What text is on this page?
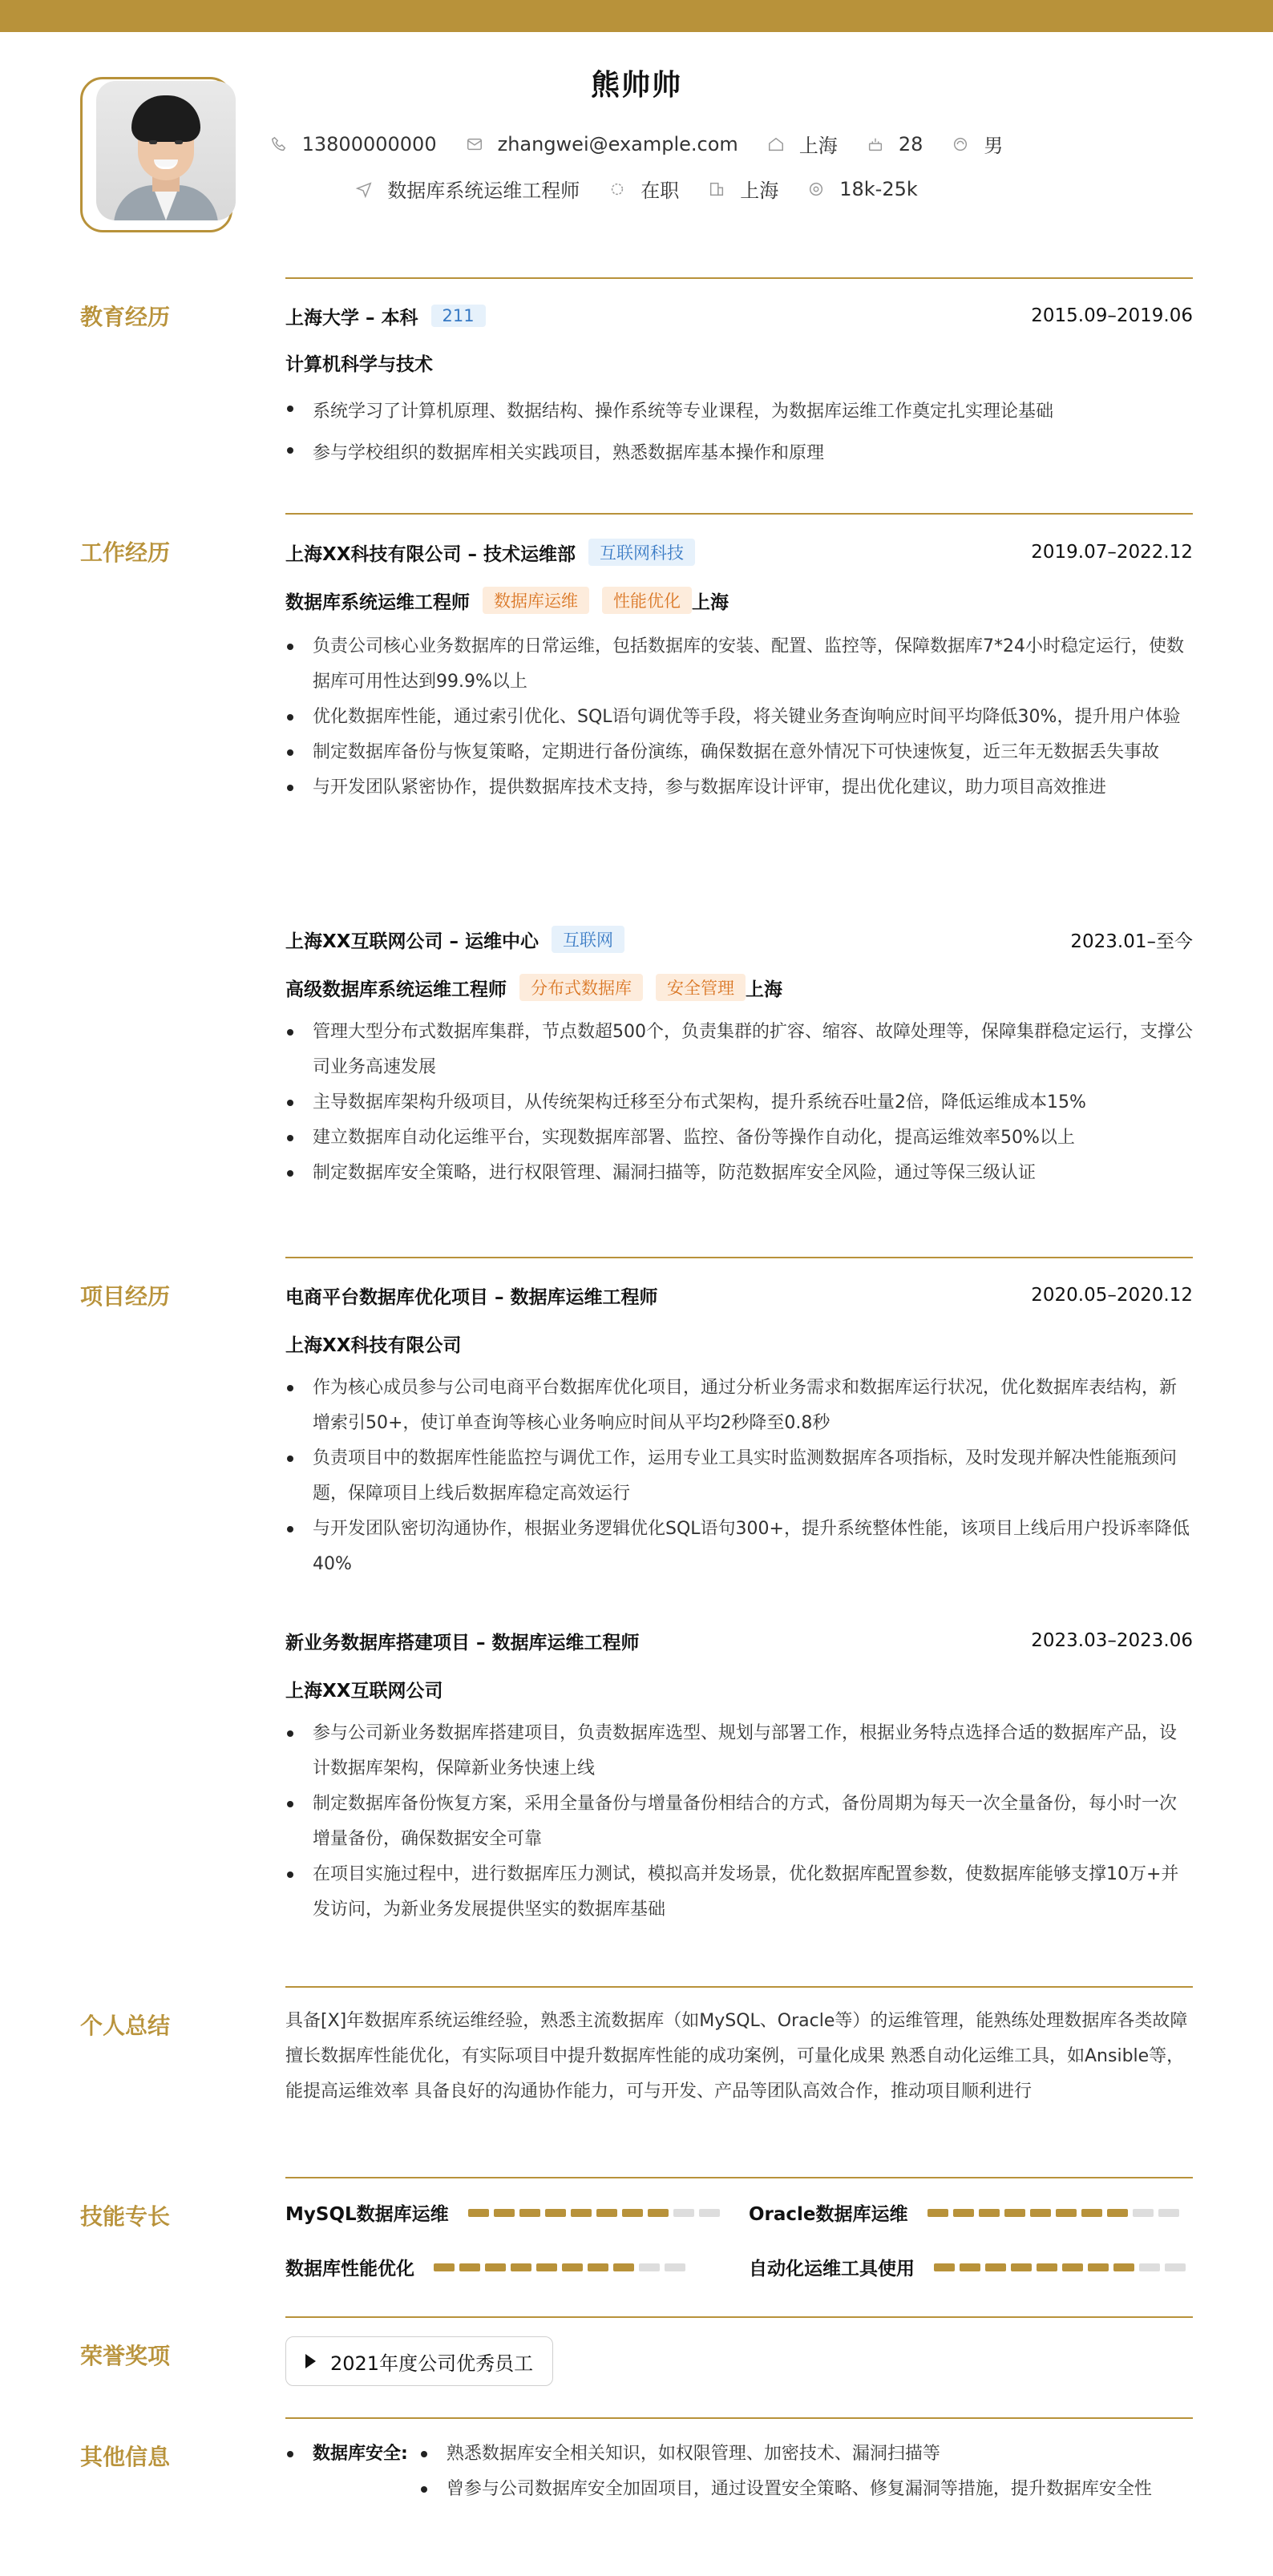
熊帅帅
13800000000	zhangwei@example.com	上海	28	男
数据库系统运维工程师	在职	上海	18k-25k
教育经历	上海大学 – 本科	211	2015.09–2019.06
计算机科学与技术
系统学习了计算机原理、数据结构、操作系统等专业课程，为数据库运维工作奠定扎实理论基础
参与学校组织的数据库相关实践项目，熟悉数据库基本操作和原理
工作经历	上海XX科技有限公司 – 技术运维部	互联网科技	2019.07–2022.12
数据库系统运维工程师	数据库运维	性能优化 上海
负责公司核心业务数据库的日常运维，包括数据库的安装、配置、监控等，保障数据库7*24小时稳定运行，使数据库可用性达到99.9%以上
优化数据库性能，通过索引优化、SQL语句调优等手段，将关键业务查询响应时间平均降低30%，提升用户体验
制定数据库备份与恢复策略，定期进行备份演练，确保数据在意外情况下可快速恢复，近三年无数据丢失事故
与开发团队紧密协作，提供数据库技术支持，参与数据库设计评审，提出优化建议，助力项目高效推进
上海XX互联网公司 – 运维中心	互联网	2023.01–至今
高级数据库系统运维工程师	分布式数据库	安全管理 上海
管理大型分布式数据库集群，节点数超500个，负责集群的扩容、缩容、故障处理等，保障集群稳定运行，支撑公司业务高速发展
主导数据库架构升级项目，从传统架构迁移至分布式架构，提升系统吞吐量2倍，降低运维成本15%
建立数据库自动化运维平台，实现数据库部署、监控、备份等操作自动化，提高运维效率50%以上
制定数据库安全策略，进行权限管理、漏洞扫描等，防范数据库安全风险，通过等保三级认证
项目经历	电商平台数据库优化项目 – 数据库运维工程师	2020.05–2020.12
上海XX科技有限公司
作为核心成员参与公司电商平台数据库优化项目，通过分析业务需求和数据库运行状况，优化数据库表结构，新增索引50+，使订单查询等核心业务响应时间从平均2秒降至0.8秒
负责项目中的数据库性能监控与调优工作，运用专业工具实时监测数据库各项指标，及时发现并解决性能瓶颈问题，保障项目上线后数据库稳定高效运行
与开发团队密切沟通协作，根据业务逻辑优化SQL语句300+，提升系统整体性能，该项目上线后用户投诉率降低40%
新业务数据库搭建项目 – 数据库运维工程师	2023.03–2023.06
上海XX互联网公司
参与公司新业务数据库搭建项目，负责数据库选型、规划与部署工作，根据业务特点选择合适的数据库产品，设计数据库架构，保障新业务快速上线
制定数据库备份恢复方案，采用全量备份与增量备份相结合的方式，备份周期为每天一次全量备份，每小时一次增量备份，确保数据安全可靠
在项目实施过程中，进行数据库压力测试，模拟高并发场景，优化数据库配置参数，使数据库能够支撑10万+并发访问，为新业务发展提供坚实的数据库基础
个人总结	具备[X]年数据库系统运维经验，熟悉主流数据库（如MySQL、Oracle等）的运维管理，能熟练处理数据库各类故障 擅长数据库性能优化，有实际项目中提升数据库性能的成功案例，可量化成果 熟悉自动化运维工具，如Ansible等，能提高运维效率 具备良好的沟通协作能力，可与开发、产品等团队高效合作，推动项目顺利进行
技能专长	MySQL数据库运维	Oracle数据库运维
数据库性能优化	自动化运维工具使用
荣誉奖项	2021年度公司优秀员工
其他信息	数据库安全:	熟悉数据库安全相关知识，如权限管理、加密技术、漏洞扫描等
曾参与公司数据库安全加固项目，通过设置安全策略、修复漏洞等措施，提升数据库安全性
